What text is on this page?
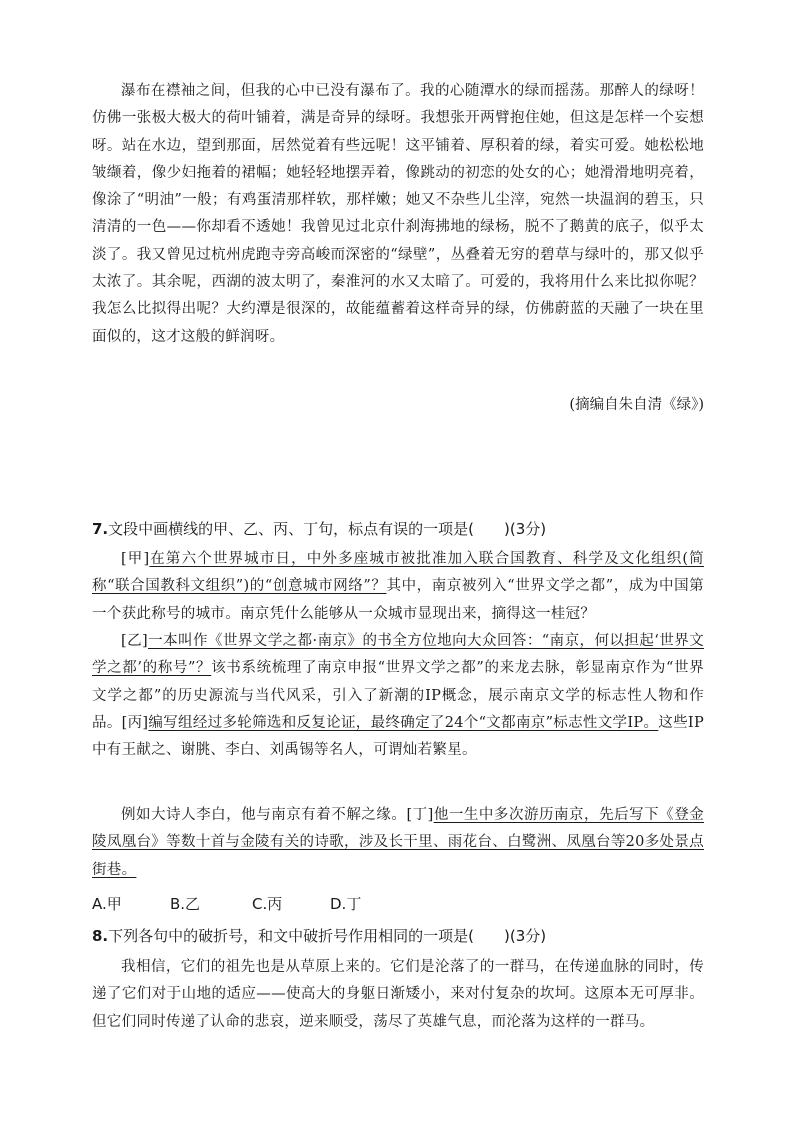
瀑布在襟袖之间，但我的心中已没有瀑布了。我的心随潭水的绿而摇荡。那醉人的绿呀！仿佛一张极大极大的荷叶铺着，满是奇异的绿呀。我想张开两臂抱住她，但这是怎样一个妄想呀。站在水边，望到那面，居然觉着有些远呢！这平铺着、厚积着的绿，着实可爱。她松松地皱缬着，像少妇拖着的裙幅；她轻轻地摆弄着，像跳动的初恋的处女的心；她滑滑地明亮着，像涂了“明油”一般；有鸡蛋清那样软，那样嫩；她又不杂些儿尘滓，宛然一块温润的碧玉，只清清的一色——你却看不透她！我曾见过北京什刹海拂地的绿杨，脱不了鹅黄的底子，似乎太淡了。我又曾见过杭州虎跑寺旁高峻而深密的“绿壁”，丛叠着无穷的碧草与绿叶的，那又似乎太浓了。其余呢，西湖的波太明了，秦淮河的水又太暗了。可爱的，我将用什么来比拟你呢？我怎么比拟得出呢？大约潭是很深的，故能蕴蓄着这样奇异的绿，仿佛蔚蓝的天融了一块在里面似的，这才这般的鲜润呀。
(摘编自朱自清《绿》)
7.文段中画横线的甲、乙、丙、丁句，标点有误的一项是(　　)(3分)
[甲]在第六个世界城市日，中外多座城市被批准加入联合国教育、科学及文化组织(简称“联合国教科文组织”)的“创意城市网络”？其中，南京被列入“世界文学之都”，成为中国第一个获此称号的城市。南京凭什么能够从一众城市显现出来，摘得这一桂冠？
[乙]一本叫作《世界文学之都·南京》的书全方位地向大众回答：“南京，何以担起‘世界文学之都’的称号”？该书系统梳理了南京申报“世界文学之都”的来龙去脉，彰显南京作为“世界文学之都”的历史源流与当代风采，引入了新潮的IP概念，展示南京文学的标志性人物和作品。[丙]编写组经过多轮筛选和反复论证，最终确定了24个“文都南京”标志性文学IP。这些IP中有王献之、谢朓、李白、刘禹锡等名人，可谓灿若繁星。
例如大诗人李白，他与南京有着不解之缘。[丁]他一生中多次游历南京，先后写下《登金陵凤凰台》等数十首与金陵有关的诗歌，涉及长干里、雨花台、白鹭洲、凤凰台等20多处景点街巷。
A.甲	B.乙	C.丙	D.丁
8.下列各句中的破折号，和文中破折号作用相同的一项是(　　)(3分)
我相信，它们的祖先也是从草原上来的。它们是沦落了的一群马，在传递血脉的同时，传递了它们对于山地的适应——使高大的身躯日渐矮小，来对付复杂的坎坷。这原本无可厚非。但它们同时传递了认命的悲哀，逆来顺受，荡尽了英雄气息，而沦落为这样的一群马。
